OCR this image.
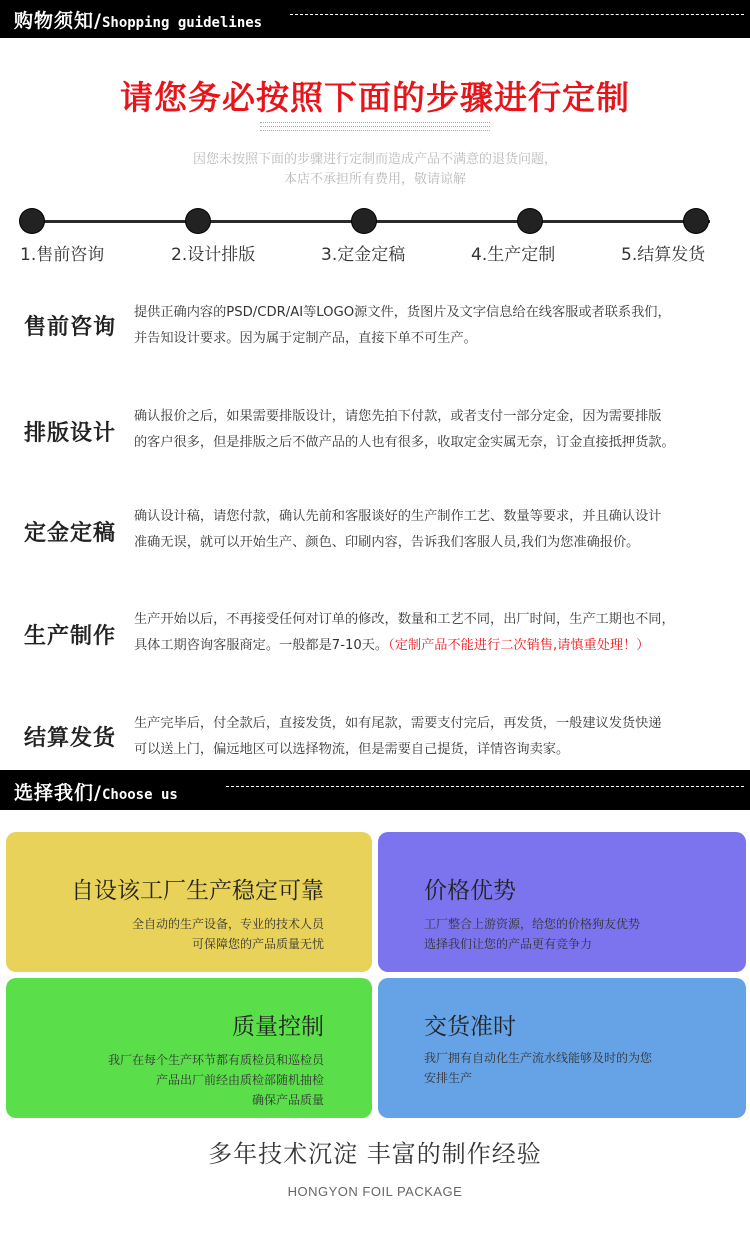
购物须知/Shopping guidelines
请您务必按照下面的步骤进行定制

因您未按照下面的步骤进行定制而造成产品不满意的退货问题，

本店不承担所有费用，敬请谅解

1.售前咨询	2.设计排版	3.定金定稿	4.生产定制	5.结算发货
售前咨询
提供正确内容的PSD/CDR/AI等LOGO源文件，货图片及文字信息给在线客服或者联系我们，
并告知设计要求。因为属于定制产品，直接下单不可生产。
排版设计
确认报价之后，如果需要排版设计，请您先拍下付款，或者支付一部分定金，因为需要排版
的客户很多，但是排版之后不做产品的人也有很多，收取定金实属无奈，订金直接抵押货款。
定金定稿
确认设计稿，请您付款，确认先前和客服谈好的生产制作工艺、数量等要求，并且确认设计
准确无误，就可以开始生产、颜色、印刷内容，告诉我们客服人员,我们为您准确报价。
生产制作
生产开始以后，不再接受任何对订单的修改，数量和工艺不同，出厂时间，生产工期也不同，
具体工期咨询客服商定。一般都是7-10天。（定制产品不能进行二次销售,请慎重处理！）
结算发货
生产完毕后，付全款后，直接发货，如有尾款，需要支付完后，再发货，一般建议发货快递
可以送上门，偏远地区可以选择物流，但是需要自己提货，详情咨询卖家。
选择我们/Choose us
自设该工厂生产稳定可靠
全自动的生产设备，专业的技术人员
可保障您的产品质量无忧
价格优势
工厂整合上游资源，给您的价格狗友优势
选择我们让您的产品更有竞争力
质量控制
我厂在每个生产环节都有质检员和巡检员
产品出厂前经由质检部随机抽检
确保产品质量
交货准时
我厂拥有自动化生产流水线能够及时的为您
安排生产
多年技术沉淀 丰富的制作经验
HONGYON FOIL PACKAGE
